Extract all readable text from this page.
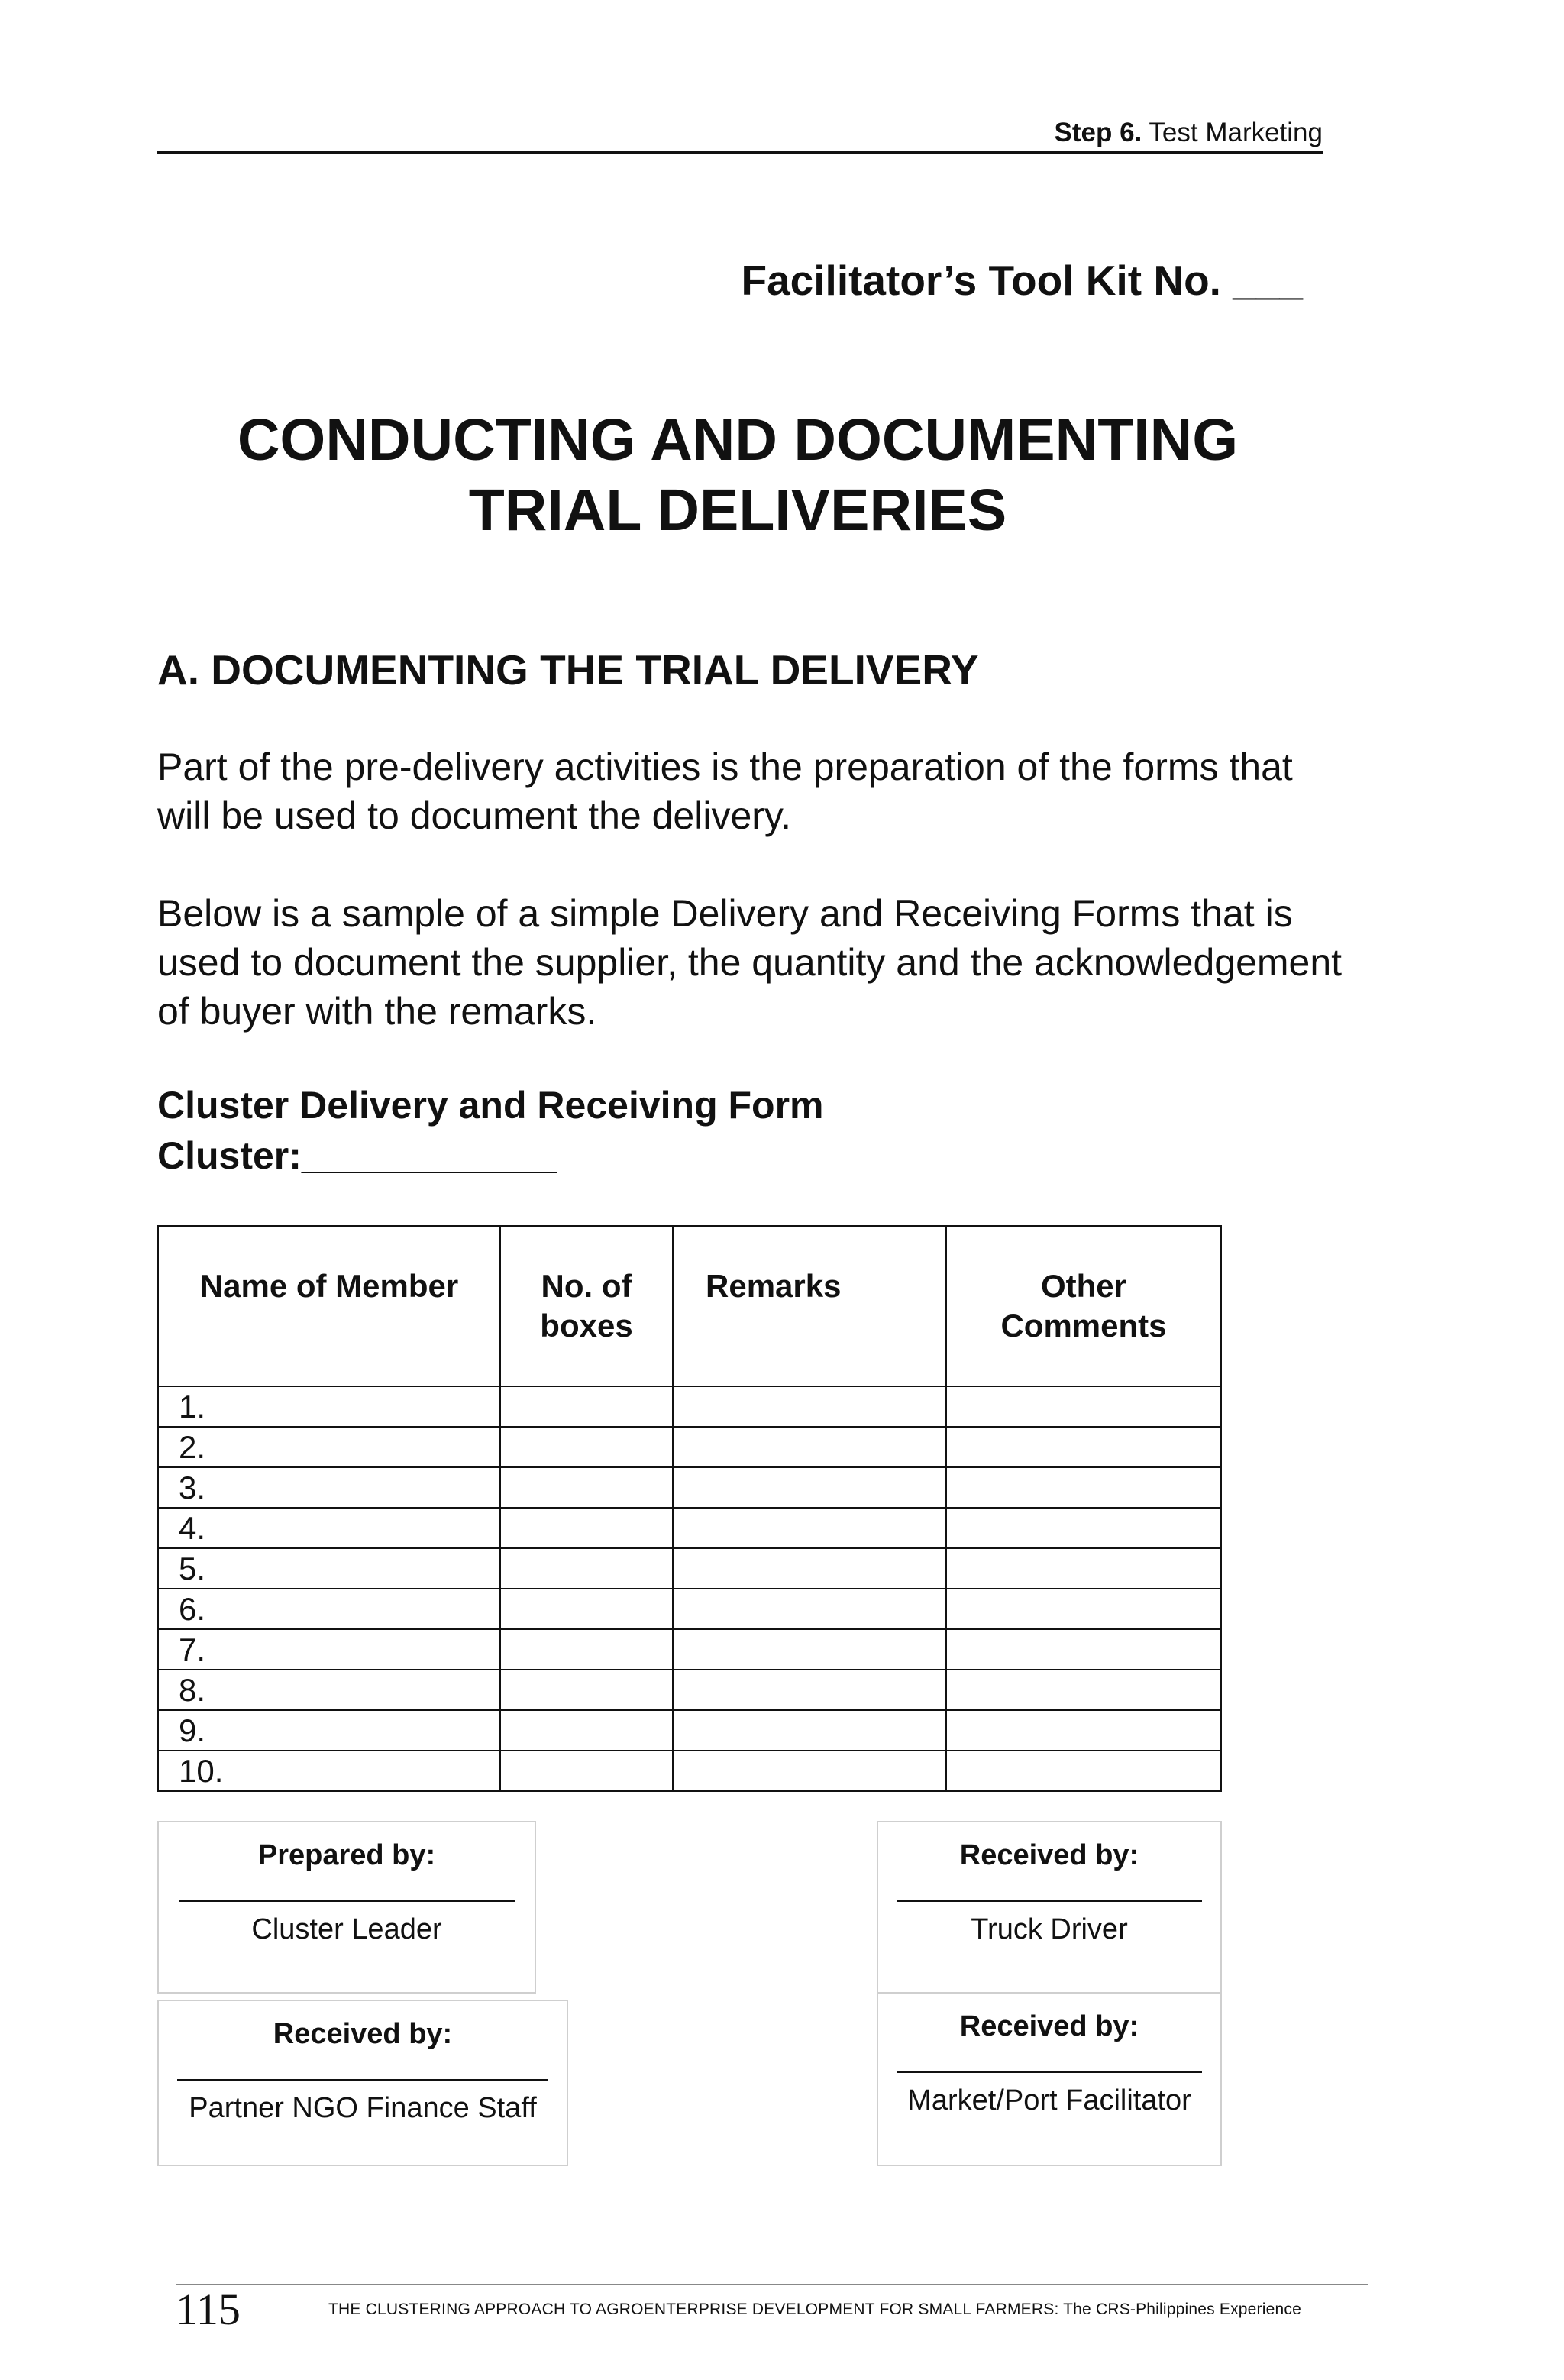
Step 6. Test Marketing
Facilitator’s Tool Kit No. ___
CONDUCTING AND DOCUMENTING
TRIAL DELIVERIES
A. DOCUMENTING THE TRIAL DELIVERY
Part of the pre-delivery activities is the preparation of the forms that will be used to document the delivery.
Below is a sample of a simple Delivery and Receiving Forms that is used to document the supplier, the quantity and the acknowledgement of buyer with the remarks.
Cluster Delivery and Receiving Form
Cluster:____________
Name of Member	No. of boxes	Remarks	Other Comments

1.			
2.			
3.			
4.			
5.			
6.			
7.			
8.			
9.			
10.			
Prepared by:
Cluster Leader
Received by:
Truck Driver
Received by:
Partner NGO Finance Staff
Received by:
Market/Port Facilitator
115	THE CLUSTERING APPROACH TO AGROENTERPRISE DEVELOPMENT FOR SMALL FARMERS: The CRS-Philippines Experience
